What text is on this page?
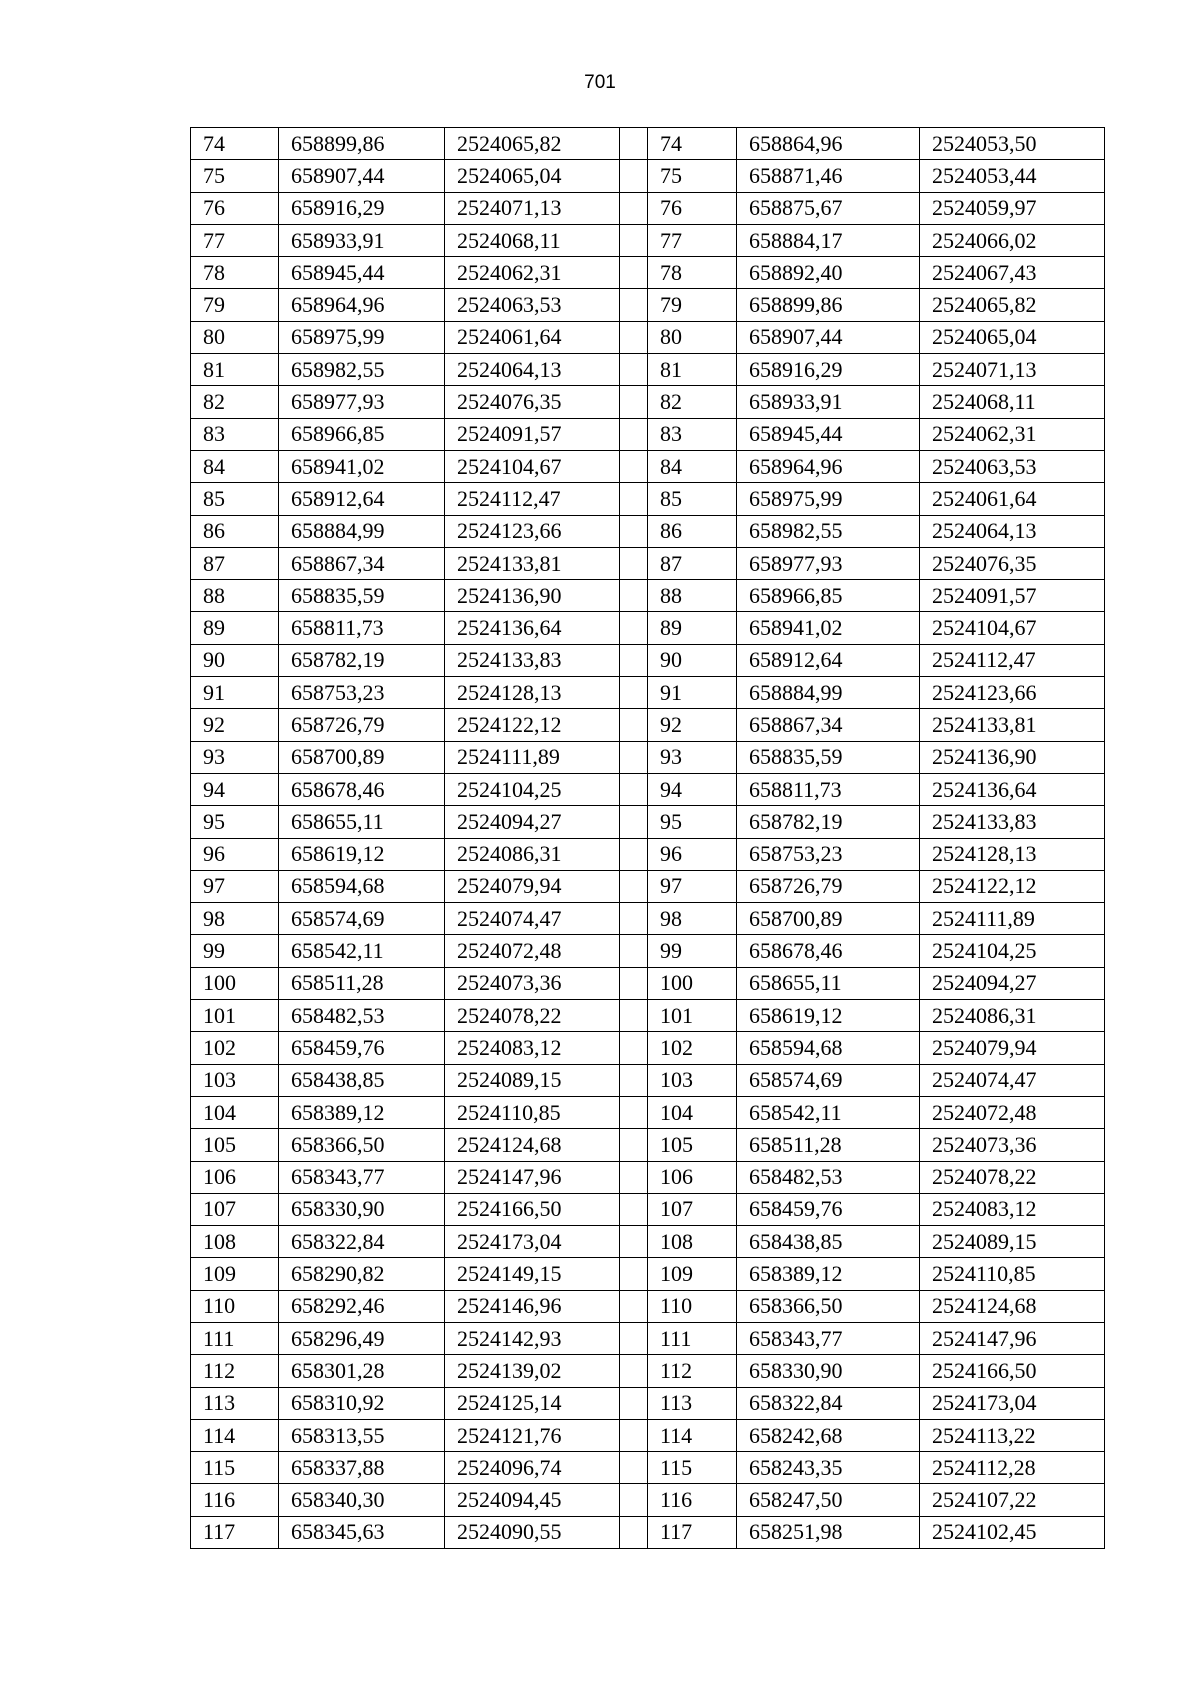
701
74	658899,86	2524065,82		74	658864,96	2524053,50
75	658907,44	2524065,04		75	658871,46	2524053,44
76	658916,29	2524071,13		76	658875,67	2524059,97
77	658933,91	2524068,11		77	658884,17	2524066,02
78	658945,44	2524062,31		78	658892,40	2524067,43
79	658964,96	2524063,53		79	658899,86	2524065,82
80	658975,99	2524061,64		80	658907,44	2524065,04
81	658982,55	2524064,13		81	658916,29	2524071,13
82	658977,93	2524076,35		82	658933,91	2524068,11
83	658966,85	2524091,57		83	658945,44	2524062,31
84	658941,02	2524104,67		84	658964,96	2524063,53
85	658912,64	2524112,47		85	658975,99	2524061,64
86	658884,99	2524123,66		86	658982,55	2524064,13
87	658867,34	2524133,81		87	658977,93	2524076,35
88	658835,59	2524136,90		88	658966,85	2524091,57
89	658811,73	2524136,64		89	658941,02	2524104,67
90	658782,19	2524133,83		90	658912,64	2524112,47
91	658753,23	2524128,13		91	658884,99	2524123,66
92	658726,79	2524122,12		92	658867,34	2524133,81
93	658700,89	2524111,89		93	658835,59	2524136,90
94	658678,46	2524104,25		94	658811,73	2524136,64
95	658655,11	2524094,27		95	658782,19	2524133,83
96	658619,12	2524086,31		96	658753,23	2524128,13
97	658594,68	2524079,94		97	658726,79	2524122,12
98	658574,69	2524074,47		98	658700,89	2524111,89
99	658542,11	2524072,48		99	658678,46	2524104,25
100	658511,28	2524073,36		100	658655,11	2524094,27
101	658482,53	2524078,22		101	658619,12	2524086,31
102	658459,76	2524083,12		102	658594,68	2524079,94
103	658438,85	2524089,15		103	658574,69	2524074,47
104	658389,12	2524110,85		104	658542,11	2524072,48
105	658366,50	2524124,68		105	658511,28	2524073,36
106	658343,77	2524147,96		106	658482,53	2524078,22
107	658330,90	2524166,50		107	658459,76	2524083,12
108	658322,84	2524173,04		108	658438,85	2524089,15
109	658290,82	2524149,15		109	658389,12	2524110,85
110	658292,46	2524146,96		110	658366,50	2524124,68
111	658296,49	2524142,93		111	658343,77	2524147,96
112	658301,28	2524139,02		112	658330,90	2524166,50
113	658310,92	2524125,14		113	658322,84	2524173,04
114	658313,55	2524121,76		114	658242,68	2524113,22
115	658337,88	2524096,74		115	658243,35	2524112,28
116	658340,30	2524094,45		116	658247,50	2524107,22
117	658345,63	2524090,55		117	658251,98	2524102,45
